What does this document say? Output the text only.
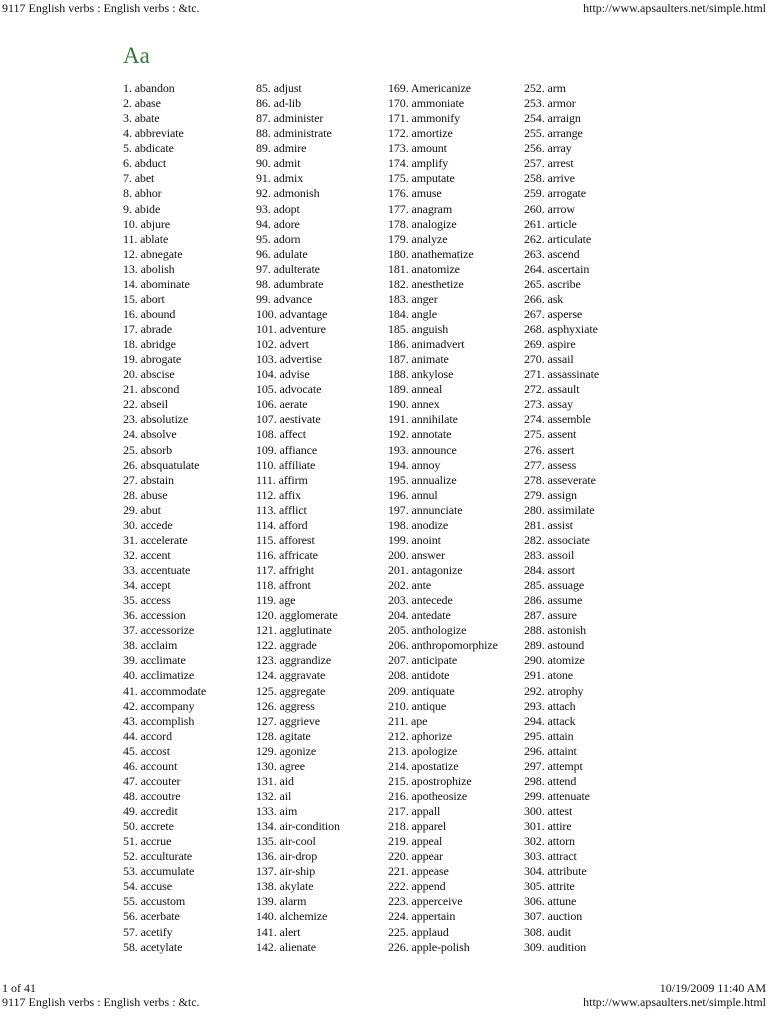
9117 English verbs : English verbs : &tc.	http://www.apsaulters.net/simple.html
Aa
1. abandon
2. abase
3. abate
4. abbreviate
5. abdicate
6. abduct
7. abet
8. abhor
9. abide
10. abjure
11. ablate
12. abnegate
13. abolish
14. abominate
15. abort
16. abound
17. abrade
18. abridge
19. abrogate
20. abscise
21. abscond
22. abseil
23. absolutize
24. absolve
25. absorb
26. absquatulate
27. abstain
28. abuse
29. abut
30. accede
31. accelerate
32. accent
33. accentuate
34. accept
35. access
36. accession
37. accessorize
38. acclaim
39. acclimate
40. acclimatize
41. accommodate
42. accompany
43. accomplish
44. accord
45. accost
46. account
47. accouter
48. accoutre
49. accredit
50. accrete
51. accrue
52. acculturate
53. accumulate
54. accuse
55. accustom
56. acerbate
57. acetify
58. acetylate
85. adjust
86. ad-lib
87. administer
88. administrate
89. admire
90. admit
91. admix
92. admonish
93. adopt
94. adore
95. adorn
96. adulate
97. adulterate
98. adumbrate
99. advance
100. advantage
101. adventure
102. advert
103. advertise
104. advise
105. advocate
106. aerate
107. aestivate
108. affect
109. affiance
110. affiliate
111. affirm
112. affix
113. afflict
114. afford
115. afforest
116. affricate
117. affright
118. affront
119. age
120. agglomerate
121. agglutinate
122. aggrade
123. aggrandize
124. aggravate
125. aggregate
126. aggress
127. aggrieve
128. agitate
129. agonize
130. agree
131. aid
132. ail
133. aim
134. air-condition
135. air-cool
136. air-drop
137. air-ship
138. akylate
139. alarm
140. alchemize
141. alert
142. alienate
169. Americanize
170. ammoniate
171. ammonify
172. amortize
173. amount
174. amplify
175. amputate
176. amuse
177. anagram
178. analogize
179. analyze
180. anathematize
181. anatomize
182. anesthetize
183. anger
184. angle
185. anguish
186. animadvert
187. animate
188. ankylose
189. anneal
190. annex
191. annihilate
192. annotate
193. announce
194. annoy
195. annualize
196. annul
197. annunciate
198. anodize
199. anoint
200. answer
201. antagonize
202. ante
203. antecede
204. antedate
205. anthologize
206. anthropomorphize
207. anticipate
208. antidote
209. antiquate
210. antique
211. ape
212. aphorize
213. apologize
214. apostatize
215. apostrophize
216. apotheosize
217. appall
218. apparel
219. appeal
220. appear
221. appease
222. append
223. apperceive
224. appertain
225. applaud
226. apple-polish
252. arm
253. armor
254. arraign
255. arrange
256. array
257. arrest
258. arrive
259. arrogate
260. arrow
261. article
262. articulate
263. ascend
264. ascertain
265. ascribe
266. ask
267. asperse
268. asphyxiate
269. aspire
270. assail
271. assassinate
272. assault
273. assay
274. assemble
275. assent
276. assert
277. assess
278. asseverate
279. assign
280. assimilate
281. assist
282. associate
283. assoil
284. assort
285. assuage
286. assume
287. assure
288. astonish
289. astound
290. atomize
291. atone
292. atrophy
293. attach
294. attack
295. attain
296. attaint
297. attempt
298. attend
299. attenuate
300. attest
301. attire
302. attorn
303. attract
304. attribute
305. attrite
306. attune
307. auction
308. audit
309. audition
1 of 41	10/19/2009 11:40 AM
9117 English verbs : English verbs : &tc.	http://www.apsaulters.net/simple.html
